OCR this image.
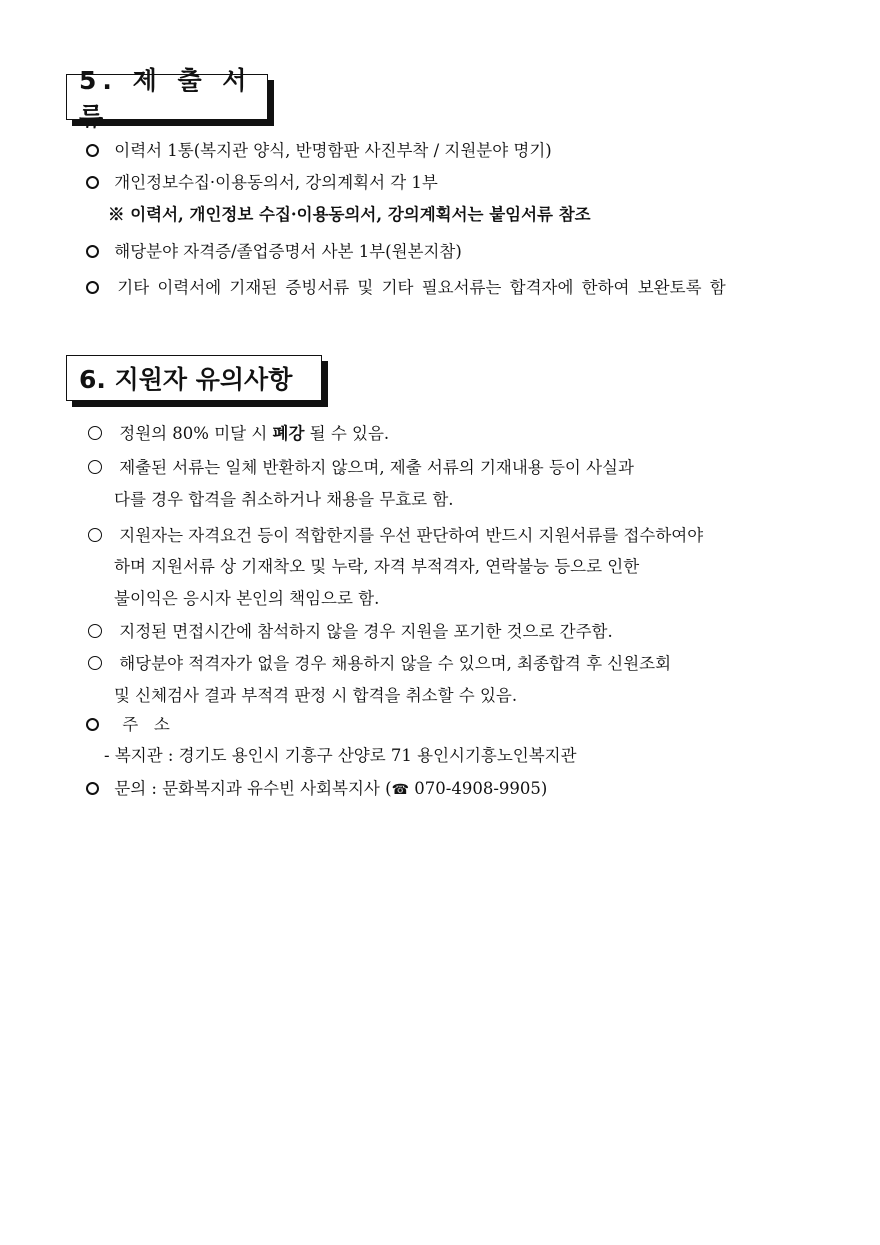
5. 제 출 서 류
이력서 1통(복지관 양식, 반명함판 사진부착 / 지원분야 명기)
개인정보수집·이용동의서, 강의계획서 각 1부
※ 이력서, 개인정보 수집·이용동의서, 강의계획서는 붙임서류 참조
해당분야 자격증/졸업증명서 사본 1부(원본지참)
기타 이력서에 기재된 증빙서류 및 기타 필요서류는 합격자에 한하여 보완토록 함
6. 지원자 유의사항
정원의 80% 미달 시 폐강 될 수 있음.
제출된 서류는 일체 반환하지 않으며, 제출 서류의 기재내용 등이 사실과
다를 경우 합격을 취소하거나 채용을 무효로 함.
지원자는 자격요건 등이 적합한지를 우선 판단하여 반드시 지원서류를 접수하여야
하며 지원서류 상 기재착오 및 누락, 자격 부적격자, 연락불능 등으로 인한
불이익은 응시자 본인의 책임으로 함.
지정된 면접시간에 참석하지 않을 경우 지원을 포기한 것으로 간주함.
해당분야 적격자가 없을 경우 채용하지 않을 수 있으며, 최종합격 후 신원조회
및 신체검사 결과 부적격 판정 시 합격을 취소할 수 있음.
주   소
- 복지관 : 경기도 용인시 기흥구 산양로 71 용인시기흥노인복지관
문의 : 문화복지과 유수빈 사회복지사 (☎ 070-4908-9905)
